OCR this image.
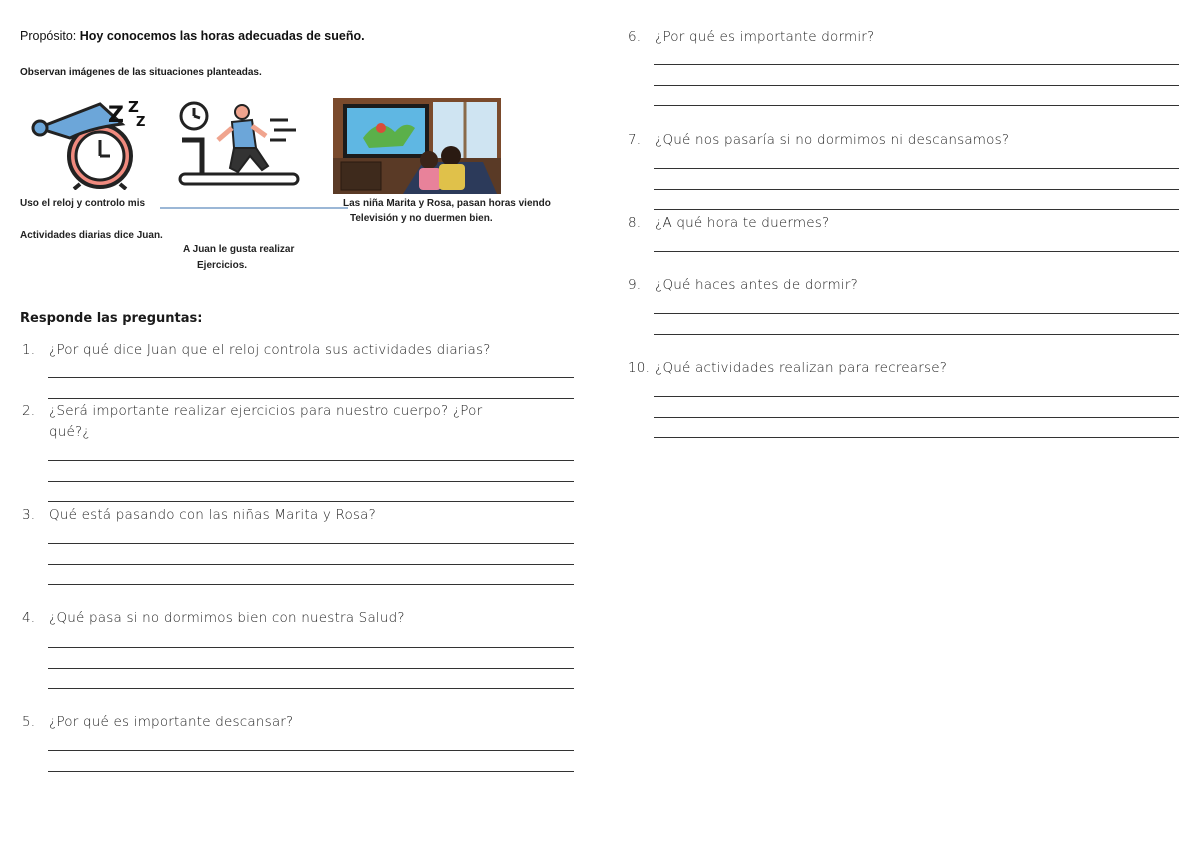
Propósito: Hoy conocemos las horas adecuadas de sueño.
Observan imágenes de las situaciones planteadas.
Z Z
Z
Uso el reloj y controlo mis
Actividades diarias dice Juan.
A Juan le gusta realizar
Ejercicios.
Las niña Marita y Rosa, pasan horas viendo
Televisión y no duermen bien.
Responde las preguntas:
1. ¿Por qué dice Juan que el reloj controla sus actividades diarias?
2. ¿Será importante realizar ejercicios para nuestro cuerpo? ¿Por
qué?¿
3. Qué está pasando con las niñas Marita y Rosa?
4. ¿Qué pasa si no dormimos bien con nuestra Salud?
5. ¿Por qué es importante descansar?
6. ¿Por qué es importante dormir?
7. ¿Qué nos pasaría si no dormimos ni descansamos?
8. ¿A qué hora te duermes?
9. ¿Qué haces antes de dormir?
10. ¿Qué actividades realizan para recrearse?
